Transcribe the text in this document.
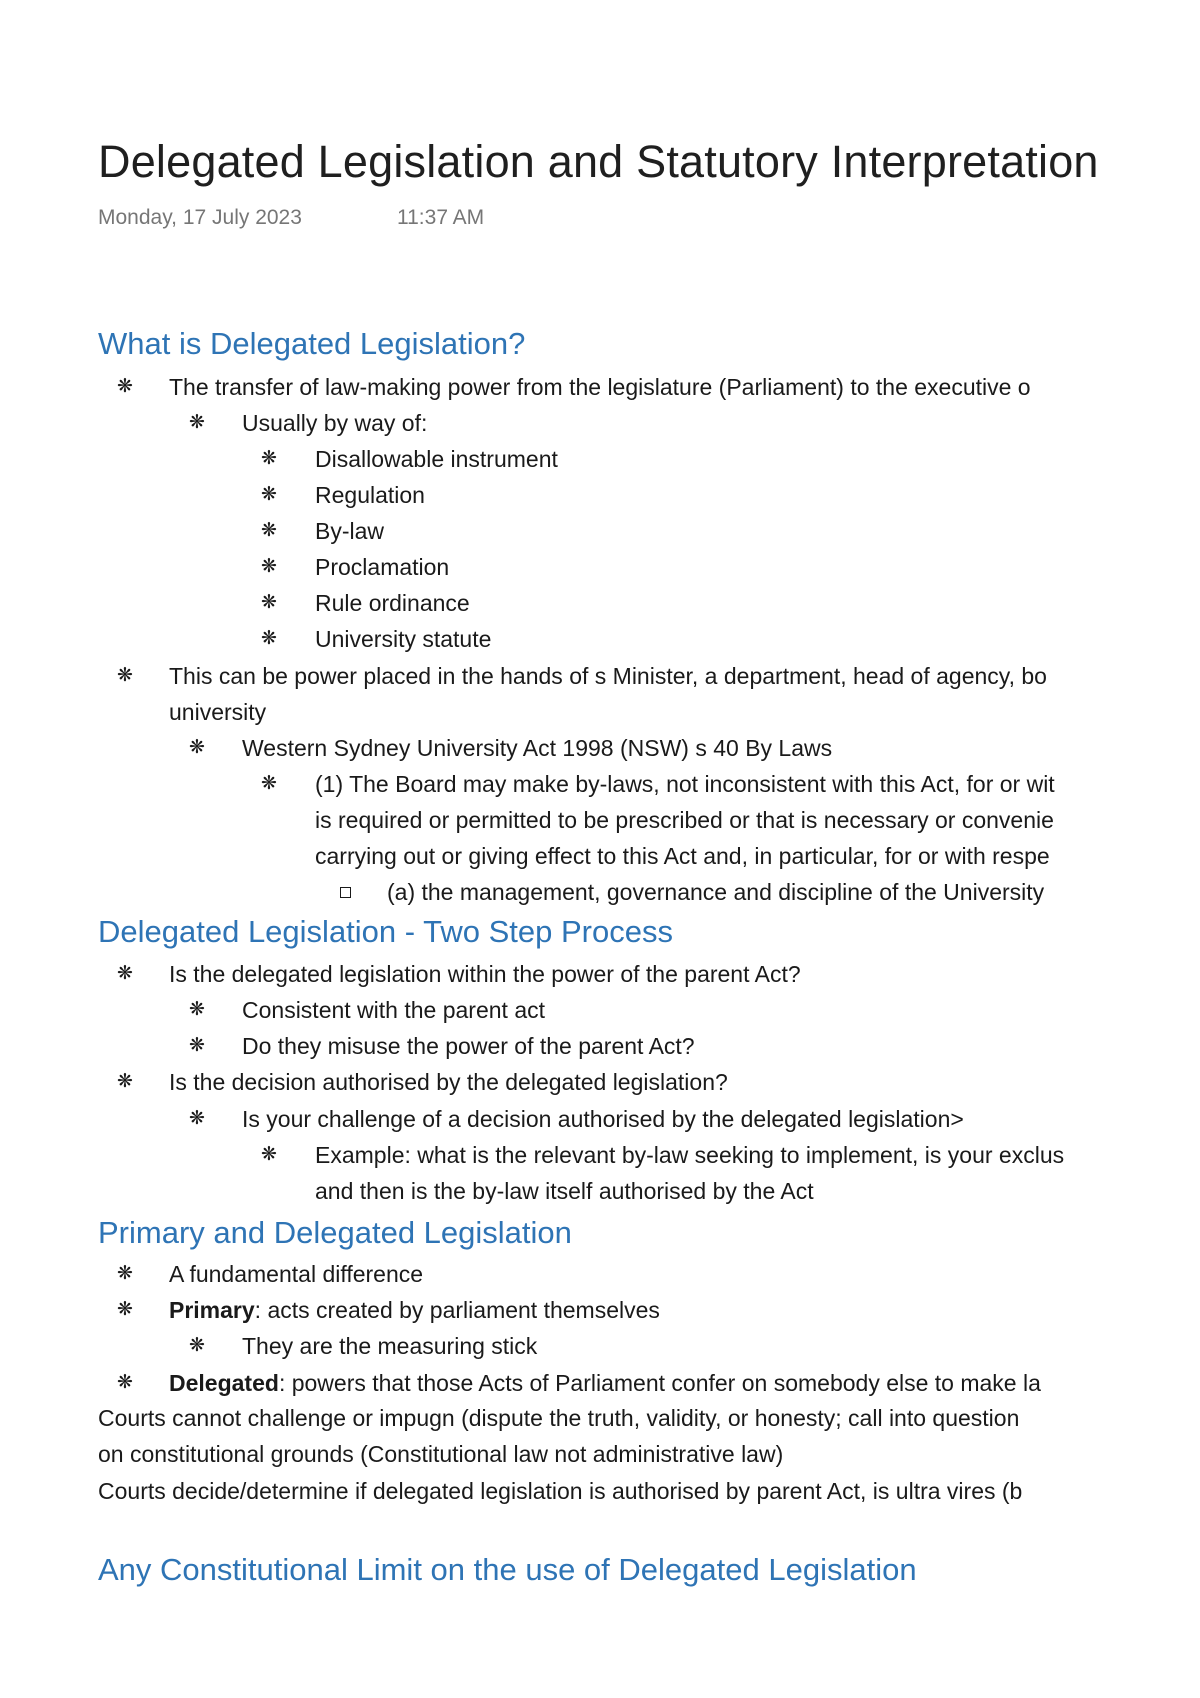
Delegated Legislation and Statutory Interpretation
Monday, 17 July 2023	11:37 AM
What is Delegated Legislation?
❋ The transfer of law-making power from the legislature (Parliament) to the executive o
❋ Usually by way of:
❋ Disallowable instrument
❋ Regulation
❋ By-law
❋ Proclamation
❋ Rule ordinance
❋ University statute
❋ This can be power placed in the hands of s Minister, a department, head of agency, bo
university
❋ Western Sydney University Act 1998 (NSW) s 40 By Laws
❋ (1) The Board may make by-laws, not inconsistent with this Act, for or wit
is required or permitted to be prescribed or that is necessary or convenie
carrying out or giving effect to this Act and, in particular, for or with respe
(a) the management, governance and discipline of the University
Delegated Legislation - Two Step Process
❋ Is the delegated legislation within the power of the parent Act?
❋ Consistent with the parent act
❋ Do they misuse the power of the parent Act?
❋ Is the decision authorised by the delegated legislation?
❋ Is your challenge of a decision authorised by the delegated legislation>
❋ Example: what is the relevant by-law seeking to implement, is your exclus
and then is the by-law itself authorised by the Act
Primary and Delegated Legislation
❋ A fundamental difference
❋ Primary: acts created by parliament themselves
❋ They are the measuring stick
❋ Delegated: powers that those Acts of Parliament confer on somebody else to make la
Courts cannot challenge or impugn (dispute the truth, validity, or honesty; call into question
on constitutional grounds (Constitutional law not administrative law)
Courts decide/determine if delegated legislation is authorised by parent Act, is ultra vires (b
Any Constitutional Limit on the use of Delegated Legislation
